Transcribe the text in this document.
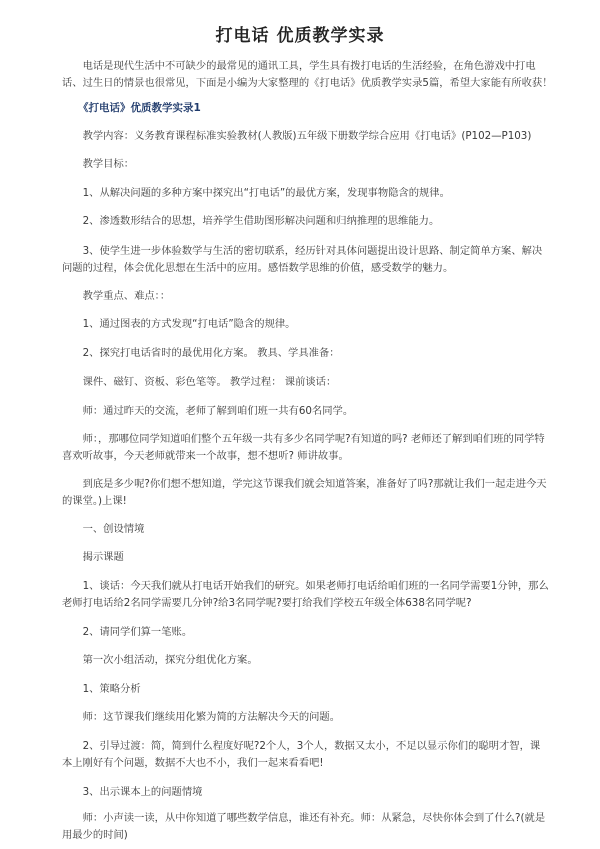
打电话 优质教学实录

电话是现代生活中不可缺少的最常见的通讯工具，学生具有拨打电话的生活经验，在角色游戏中打电话、过生日的情景也很常见，下面是小编为大家整理的《打电话》优质教学实录5篇，希望大家能有所收获！

《打电话》优质教学实录1

教学内容：义务教育课程标准实验教材(人教版)五年级下册数学综合应用《打电话》(P102—P103)

教学目标：

1、从解决问题的多种方案中探究出“打电话”的最优方案，发现事物隐含的规律。

2、渗透数形结合的思想，培养学生借助图形解决问题和归纳推理的思维能力。

3、使学生进一步体验数学与生活的密切联系，经历针对具体问题提出设计思路、制定简单方案、解决问题的过程，体会优化思想在生活中的应用。感悟数学思维的价值，感受数学的魅力。

教学重点、难点：：

1、通过图表的方式发现“打电话”隐含的规律。

2、探究打电话省时的最优用化方案。 教具、学具准备：

课件、磁钉、资板、彩色笔等。 教学过程： 课前谈话：

师：通过昨天的交流，老师了解到咱们班一共有60名同学。

师：，那哪位同学知道咱们整个五年级一共有多少名同学呢?有知道的吗? 老师还了解到咱们班的同学特喜欢听故事，今天老师就带来一个故事，想不想听? 师讲故事。

到底是多少呢?你们想不想知道，学完这节课我们就会知道答案，准备好了吗?那就让我们一起走进今天的课堂。)上课!

一、创设情境

揭示课题

1、谈话：今天我们就从打电话开始我们的研究。如果老师打电话给咱们班的一名同学需要1分钟，那么老师打电话给2名同学需要几分钟?给3名同学呢?要打给我们学校五年级全体638名同学呢?

2、请同学们算一笔账。

第一次小组活动，探究分组优化方案。

1、策略分析

师：这节课我们继续用化繁为简的方法解决今天的问题。

2、引导过渡：简，简到什么程度好呢?2个人，3个人，数据又太小，不足以显示你们的聪明才智，课本上刚好有个问题，数据不大也不小，我们一起来看看吧!

3、出示课本上的问题情境

师：小声读一读，从中你知道了哪些数学信息，谁还有补充。师：从紧急，尽快你体会到了什么?(就是用最少的时间)
